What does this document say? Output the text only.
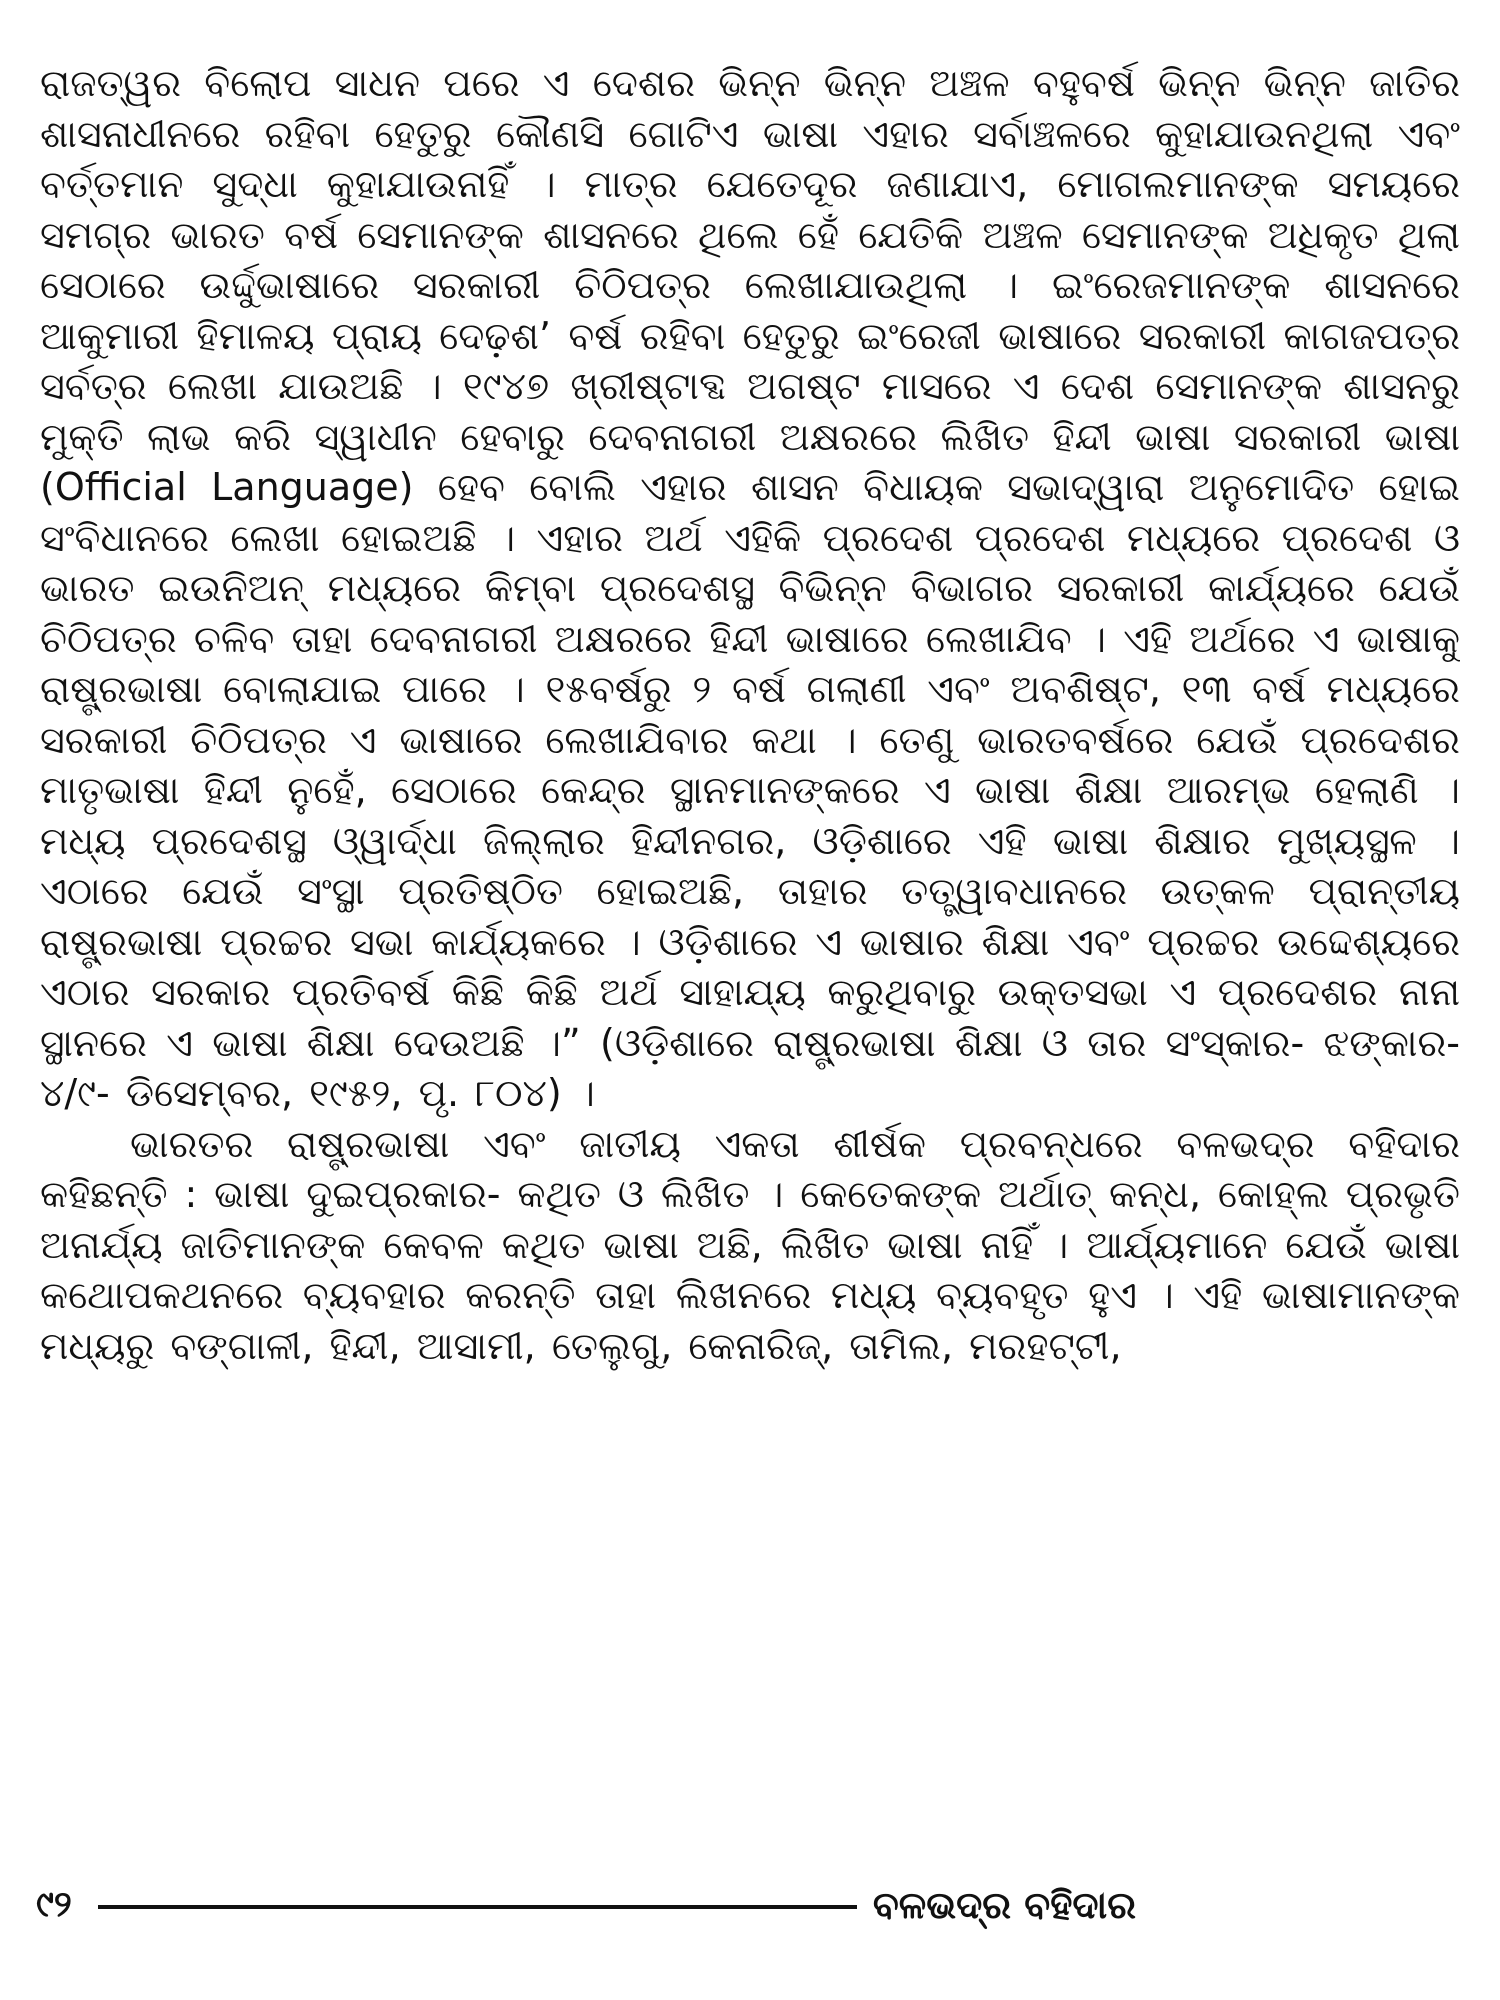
ରାଜତ୍ୱର ବିଲୋପ ସାଧନ ପରେ ଏ ଦେଶର ଭିନ୍ନ ଭିନ୍ନ ଅଞ୍ଚଳ ବହୁବର୍ଷ ଭିନ୍ନ ଭିନ୍ନ ଜାତିର ଶାସନାଧୀନରେ ରହିବା ହେତୁରୁ କୌଣସି ଗୋଟିଏ ଭାଷା ଏହାର ସର୍ବାଞ୍ଚଳରେ କୁହାଯାଉନଥିଲା ଏବଂ ବର୍ତ୍ତମାନ ସୁଦ୍ଧା କୁହାଯାଉନାହିଁ । ମାତ୍ର ଯେତେଦୂର ଜଣାଯାଏ, ମୋଗଲମାନଙ୍କ ସମୟରେ ସମଗ୍ର ଭାରତ ବର୍ଷ ସେମାନଙ୍କ ଶାସନରେ ଥିଲେ ହେଁ ଯେତିକି ଅଞ୍ଚଳ ସେମାନଙ୍କ ଅଧିକୃତ ଥିଲା ସେଠାରେ ଉର୍ଦ୍ଦୁଭାଷାରେ ସରକାରୀ ଚିଠିପତ୍ର ଲେଖାଯାଉଥିଲା । ଇଂରେଜମାନଙ୍କ ଶାସନରେ ଆକୁମାରୀ ହିମାଳୟ ପ୍ରାୟ ଦେଢ଼ଶ’ ବର୍ଷ ରହିବା ହେତୁରୁ ଇଂରେଜୀ ଭାଷାରେ ସରକାରୀ କାଗଜପତ୍ର ସର୍ବତ୍ର ଲେଖା ଯାଉଅଛି । ୧୯୪୭ ଖ୍ରୀଷ୍ଟାବ୍ଦ ଅଗଷ୍ଟ ମାସରେ ଏ ଦେଶ ସେମାନଙ୍କ ଶାସନରୁ ମୁକ୍ତି ଲାଭ କରି ସ୍ୱାଧୀନ ହେବାରୁ ଦେବନାଗରୀ ଅକ୍ଷରରେ ଲିଖିତ ହିନ୍ଦୀ ଭାଷା ସରକାରୀ ଭାଷା (Official Language) ହେବ ବୋଲି ଏହାର ଶାସନ ବିଧାୟକ ସଭାଦ୍ୱାରା ଅନୁମୋଦିତ ହୋଇ ସଂବିଧାନରେ ଲେଖା ହୋଇଅଛି । ଏହାର ଅର୍ଥ ଏହିକି ପ୍ରଦେଶ ପ୍ରଦେଶ ମଧ୍ୟରେ ପ୍ରଦେଶ ଓ ଭାରତ ଇଉନିଅନ୍ ମଧ୍ୟରେ କିମ୍ବା ପ୍ରଦେଶସ୍ଥ ବିଭିନ୍ନ ବିଭାଗର ସରକାରୀ କାର୍ଯ୍ୟରେ ଯେଉଁ ଚିଠିପତ୍ର ଚଳିବ ତାହା ଦେବନାଗରୀ ଅକ୍ଷରରେ ହିନ୍ଦୀ ଭାଷାରେ ଲେଖାଯିବ । ଏହି ଅର୍ଥରେ ଏ ଭାଷାକୁ ରାଷ୍ଟ୍ରଭାଷା ବୋଲାଯାଇ ପାରେ । ୧୫ବର୍ଷରୁ ୨ ବର୍ଷ ଗଲାଣୀ ଏବଂ ଅବଶିଷ୍ଟ, ୧୩ ବର୍ଷ ମଧ୍ୟରେ ସରକାରୀ ଚିଠିପତ୍ର ଏ ଭାଷାରେ ଲେଖାଯିବାର କଥା । ତେଣୁ ଭାରତବର୍ଷରେ ଯେଉଁ ପ୍ରଦେଶର ମାତୃଭାଷା ହିନ୍ଦୀ ନୁହେଁ, ସେଠାରେ କେନ୍ଦ୍ର ସ୍ଥାନମାନଙ୍କରେ ଏ ଭାଷା ଶିକ୍ଷା ଆରମ୍ଭ ହେଲାଣି । ମଧ୍ୟ ପ୍ରଦେଶସ୍ଥ ଓ୍ୱାର୍ଦ୍ଧା ଜିଲ୍ଲାର ହିନ୍ଦୀନଗର, ଓଡ଼ିଶାରେ ଏହି ଭାଷା ଶିକ୍ଷାର ମୁଖ୍ୟସ୍ଥଳ । ଏଠାରେ ଯେଉଁ ସଂସ୍ଥା ପ୍ରତିଷ୍ଠିତ ହୋଇଅଛି, ତାହାର ତତ୍ତ୍ୱାବଧାନରେ ଉତ୍କଳ ପ୍ରାନ୍ତୀୟ ରାଷ୍ଟ୍ରଭାଷା ପ୍ରଚ୍ଚର ସଭା କାର୍ଯ୍ୟକରେ । ଓଡ଼ିଶାରେ ଏ ଭାଷାର ଶିକ୍ଷା ଏବଂ ପ୍ରଚ୍ଚର ଉଦ୍ଦେଶ୍ୟରେ ଏଠାର ସରକାର ପ୍ରତିବର୍ଷ କିଛି କିଛି ଅର୍ଥ ସାହାଯ୍ୟ କରୁଥିବାରୁ ଉକ୍ତସଭା ଏ ପ୍ରଦେଶର ନାନା ସ୍ଥାନରେ ଏ ଭାଷା ଶିକ୍ଷା ଦେଉଅଛି ।” (ଓଡ଼ିଶାରେ ରାଷ୍ଟ୍ରଭାଷା ଶିକ୍ଷା ଓ ତାର ସଂସ୍କାର- ଝଙ୍କାର- ୪/୯- ଡିସେମ୍ବର, ୧୯୫୨, ପୃ. ୮୦୪) ।

ଭାରତର ରାଷ୍ଟ୍ରଭାଷା ଏବଂ ଜାତୀୟ ଏକତା ଶୀର୍ଷକ ପ୍ରବନ୍ଧରେ ବଳଭଦ୍ର ବହିଦାର କହିଛନ୍ତି : ଭାଷା ଦୁଇପ୍ରକାର- କଥିତ ଓ ଲିଖିତ । କେତେକଙ୍କ ଅର୍ଥାତ୍ କନ୍ଧ, କୋହ୍ଲ ପ୍ରଭୃତି ଅନାର୍ଯ୍ୟ ଜାତିମାନଙ୍କ କେବଳ କଥିତ ଭାଷା ଅଛି, ଲିଖିତ ଭାଷା ନାହିଁ । ଆର୍ଯ୍ୟମାନେ ଯେଉଁ ଭାଷା କଥୋପକଥନରେ ବ୍ୟବହାର କରନ୍ତି ତାହା ଲିଖନରେ ମଧ୍ୟ ବ୍ୟବହୃତ ହୁଏ । ଏହି ଭାଷାମାନଙ୍କ ମଧ୍ୟରୁ ବଙ୍ଗାଳୀ, ହିନ୍ଦୀ, ଆସାମୀ, ତେଲୁଗୁ, କେନାରିଜ୍, ତାମିଲ, ମରହଟ୍ଟୀ,

୯୨	ବଳଭଦ୍ର ବହିଦାର
